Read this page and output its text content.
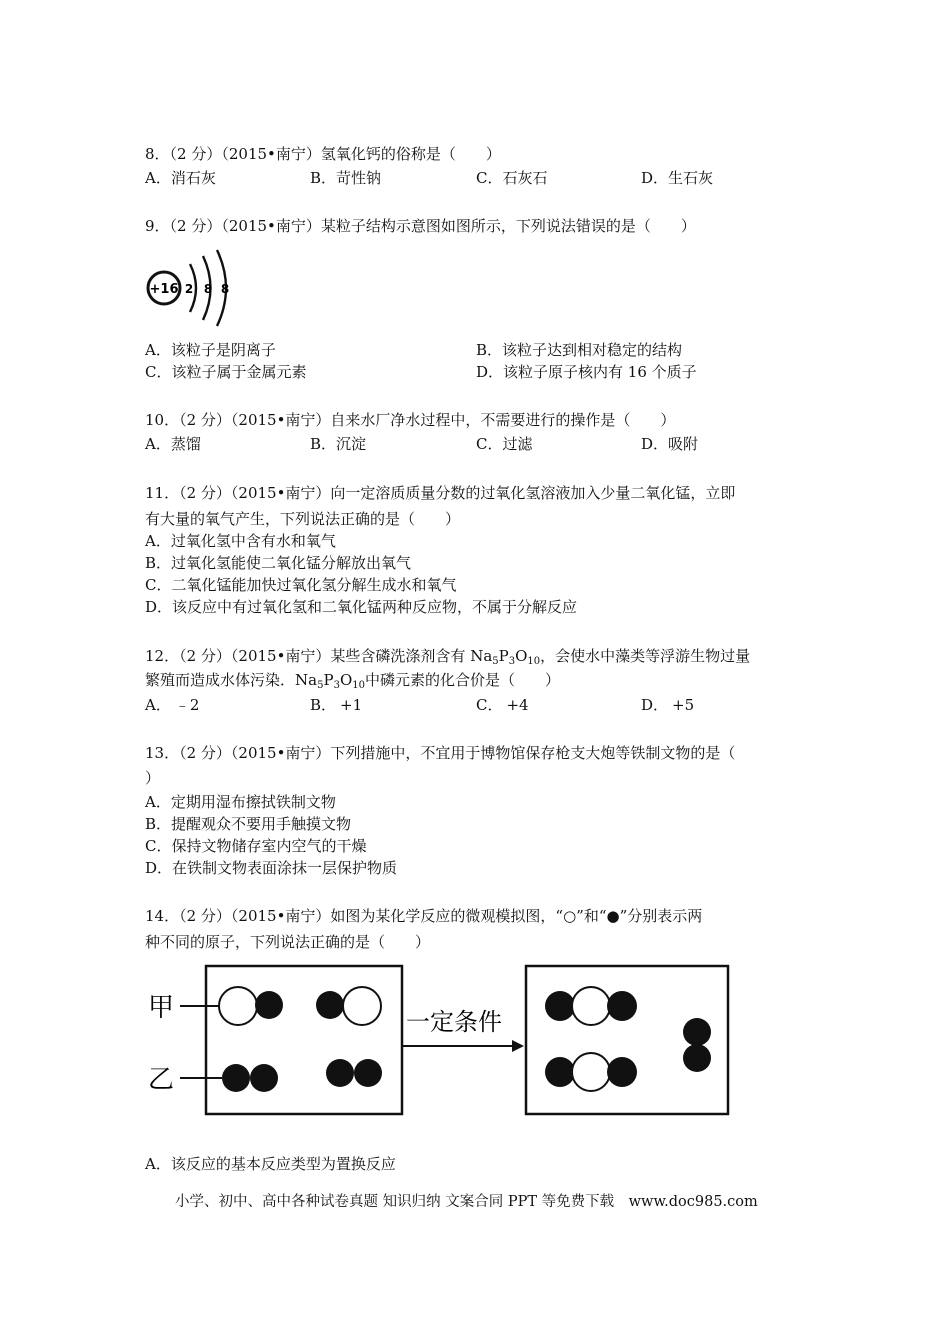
8．（2 分）（2015•南宁）氢氧化钙的俗称是（　　）
A．消石灰	B．苛性钠	C．石灰石	D．生石灰
9．（2 分）（2015•南宁）某粒子结构示意图如图所示，下列说法错误的是（　　）
+16 2 8 8
A．该粒子是阴离子	B．该粒子达到相对稳定的结构
C．该粒子属于金属元素	D．该粒子原子核内有 16 个质子
10．（2 分）（2015•南宁）自来水厂净水过程中，不需要进行的操作是（　　）
A．蒸馏	B．沉淀	C．过滤	D．吸附
11．（2 分）（2015•南宁）向一定溶质质量分数的过氧化氢溶液加入少量二氧化锰，立即
有大量的氧气产生，下列说法正确的是（　　）
A．过氧化氢中含有水和氧气
B．过氧化氢能使二氧化锰分解放出氧气
C．二氧化锰能加快过氧化氢分解生成水和氧气
D．该反应中有过氧化氢和二氧化锰两种反应物，不属于分解反应
12．（2 分）（2015•南宁）某些含磷洗涤剂含有 $Na_5P_3O_{10}$，会使水中藻类等浮游生物过量
繁殖而造成水体污染．$Na_5P_3O_{10}$中磷元素的化合价是（　　）
A． ﹣2	B． +1	C． +4	D． +5
13．（2 分）（2015•南宁）下列措施中，不宜用于博物馆保存枪支大炮等铁制文物的是（
）
A．定期用湿布擦拭铁制文物
B．提醒观众不要用手触摸文物
C．保持文物储存室内空气的干燥
D．在铁制文物表面涂抹一层保护物质
14．（2 分）（2015•南宁）如图为某化学反应的微观模拟图，“○”和“●”分别表示两
种不同的原子，下列说法正确的是（　　）
甲
乙
一定条件
A．该反应的基本反应类型为置换反应
小学、初中、高中各种试卷真题 知识归纳 文案合同 PPT 等免费下载　www.doc985.com
